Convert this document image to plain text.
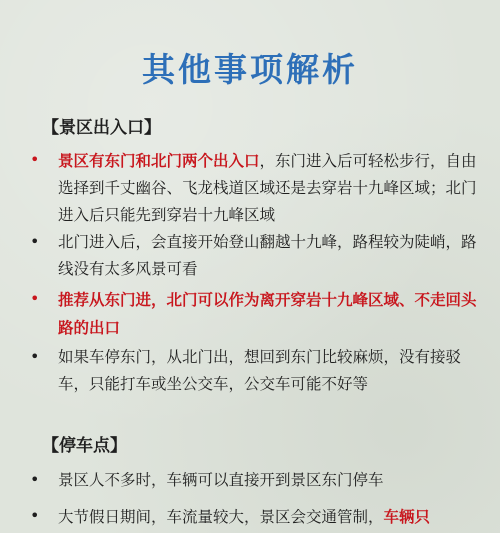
其他事项解析
【景区出入口】
• 景区有东门和北门两个出入口，东门进入后可轻松步行，自由选择到千丈幽谷、飞龙栈道区域还是去穿岩十九峰区域；北门进入后只能先到穿岩十九峰区域
• 北门进入后，会直接开始登山翻越十九峰，路程较为陡峭，路线没有太多风景可看
• 推荐从东门进，北门可以作为离开穿岩十九峰区域、不走回头路的出口
• 如果车停东门，从北门出，想回到东门比较麻烦，没有接驳车，只能打车或坐公交车，公交车可能不好等
【停车点】
• 景区人不多时，车辆可以直接开到景区东门停车
• 大节假日期间，车流量较大，景区会交通管制，车辆只
